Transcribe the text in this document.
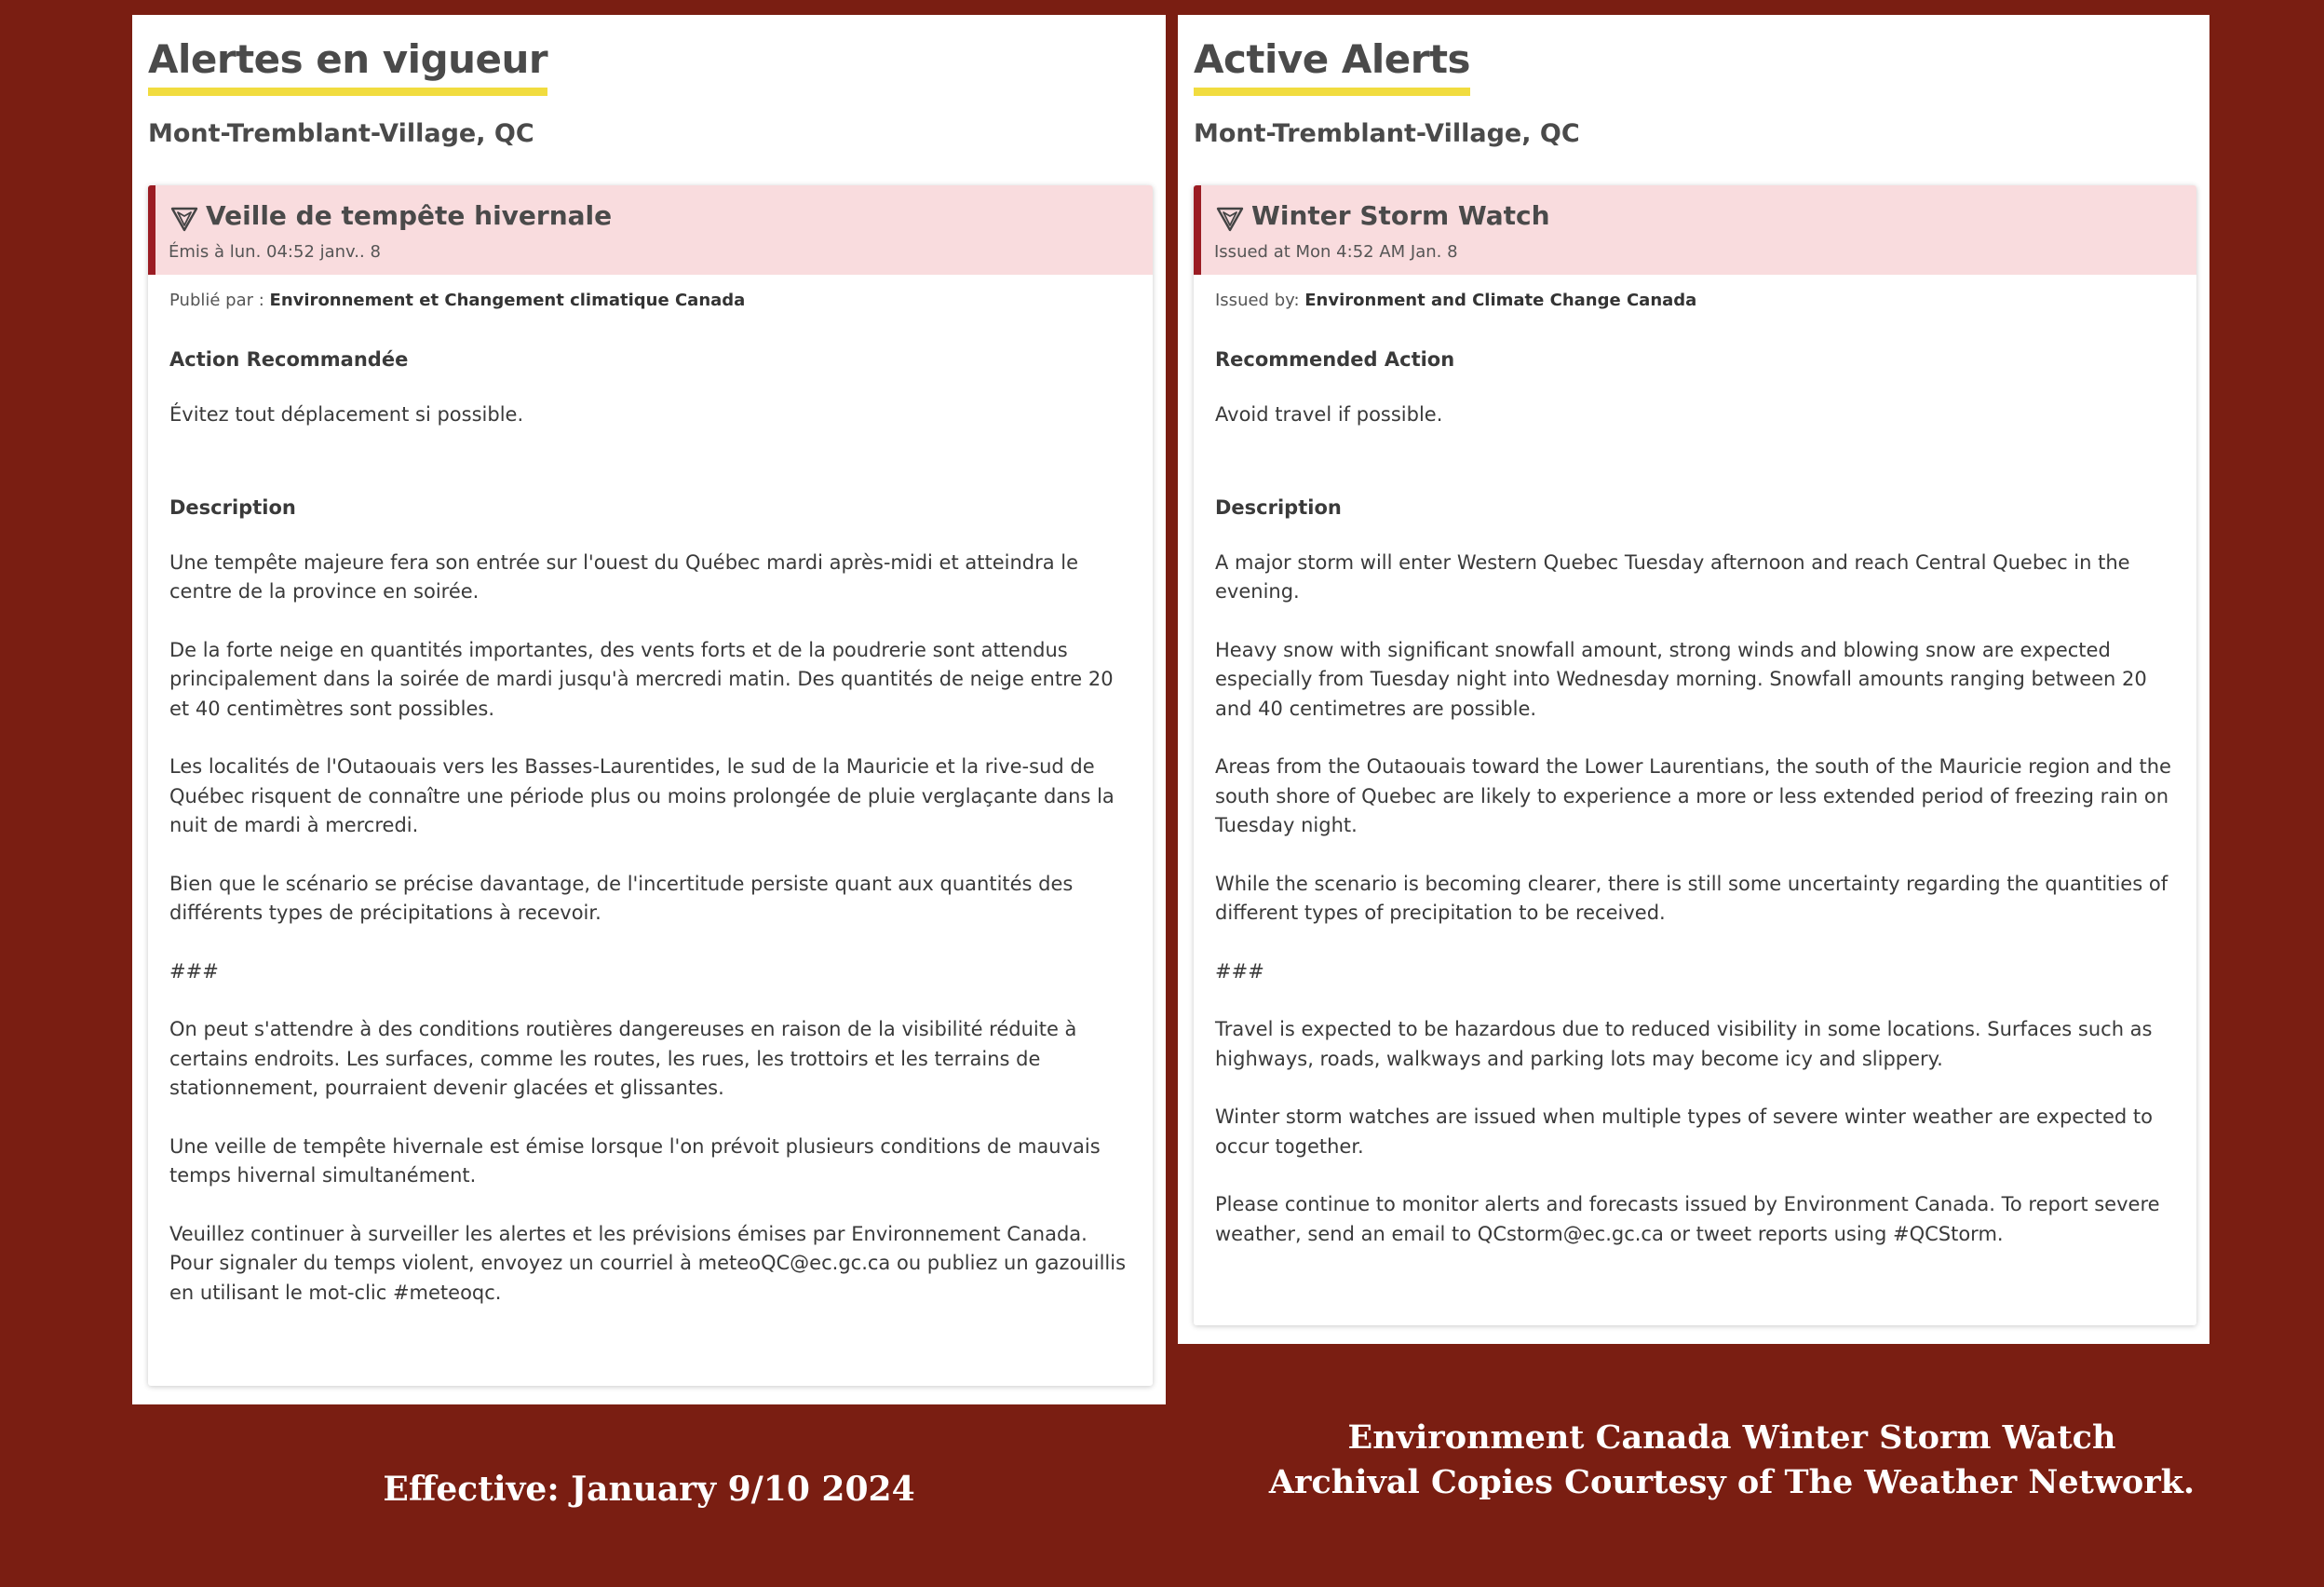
Alertes en vigueur
Mont-Tremblant-Village, QC
Veille de tempête hivernale
Émis à lun. 04:52 janv.. 8

Publié par : Environnement et Changement climatique Canada

Action Recommandée

Évitez tout déplacement si possible.

Description

Une tempête majeure fera son entrée sur l'ouest du Québec mardi après-midi et atteindra le centre de la province en soirée.

De la forte neige en quantités importantes, des vents forts et de la poudrerie sont attendus principalement dans la soirée de mardi jusqu'à mercredi matin. Des quantités de neige entre 20 et 40 centimètres sont possibles.

Les localités de l'Outaouais vers les Basses-Laurentides, le sud de la Mauricie et la rive-sud de Québec risquent de connaître une période plus ou moins prolongée de pluie verglaçante dans la nuit de mardi à mercredi.

Bien que le scénario se précise davantage, de l'incertitude persiste quant aux quantités des différents types de précipitations à recevoir.

###

On peut s'attendre à des conditions routières dangereuses en raison de la visibilité réduite à certains endroits. Les surfaces, comme les routes, les rues, les trottoirs et les terrains de stationnement, pourraient devenir glacées et glissantes.

Une veille de tempête hivernale est émise lorsque l'on prévoit plusieurs conditions de mauvais temps hivernal simultanément.

Veuillez continuer à surveiller les alertes et les prévisions émises par Environnement Canada. Pour signaler du temps violent, envoyez un courriel à meteoQC@ec.gc.ca ou publiez un gazouillis en utilisant le mot-clic #meteoqc.

Active Alerts
Mont-Tremblant-Village, QC
Winter Storm Watch
Issued at Mon 4:52 AM Jan. 8

Issued by: Environment and Climate Change Canada

Recommended Action

Avoid travel if possible.

Description

A major storm will enter Western Quebec Tuesday afternoon and reach Central Quebec in the evening.

Heavy snow with significant snowfall amount, strong winds and blowing snow are expected especially from Tuesday night into Wednesday morning. Snowfall amounts ranging between 20 and 40 centimetres are possible.

Areas from the Outaouais toward the Lower Laurentians, the south of the Mauricie region and the south shore of Quebec are likely to experience a more or less extended period of freezing rain on Tuesday night.

While the scenario is becoming clearer, there is still some uncertainty regarding the quantities of different types of precipitation to be received.

###

Travel is expected to be hazardous due to reduced visibility in some locations. Surfaces such as highways, roads, walkways and parking lots may become icy and slippery.

Winter storm watches are issued when multiple types of severe winter weather are expected to occur together.

Please continue to monitor alerts and forecasts issued by Environment Canada. To report severe weather, send an email to QCstorm@ec.gc.ca or tweet reports using #QCStorm.

Effective: January 9/10 2024
Environment Canada Winter Storm Watch
Archival Copies Courtesy of The Weather Network.
